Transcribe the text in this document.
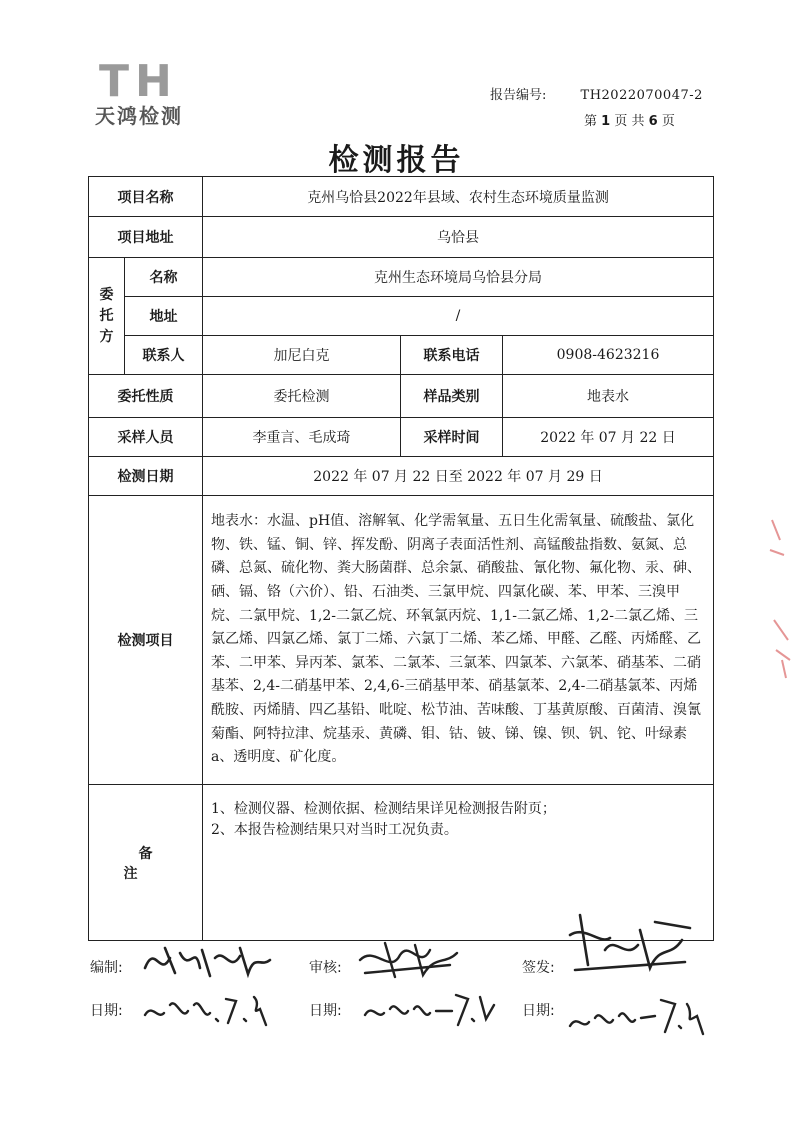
TH
天鸿检测
报告编号:	TH2022070047-2
第 1 页 共 6 页
检测报告
项目名称		克州乌恰县2022年县域、农村生态环境质量监测		
项目地址		乌恰县		
委
托
方	名称	克州生态环境局乌恰县分局		
	地址	/		
	联系人	加尼白克	联系电话	0908-4623216
委托性质		委托检测	样品类别	地表水
采样人员		李重言、毛成琦	采样时间	2022 年 07 月 22 日
检测日期		2022 年 07 月 22 日至 2022 年 07 月 29 日		
检测项目		地表水：水温、pH值、溶解氧、化学需氧量、五日生化需氧量、硫酸盐、氯化物、铁、锰、铜、锌、挥发酚、阴离子表面活性剂、高锰酸盐指数、氨氮、总磷、总氮、硫化物、粪大肠菌群、总余氯、硝酸盐、氰化物、氟化物、汞、砷、硒、镉、铬（六价）、铅、石油类、三氯甲烷、四氯化碳、苯、甲苯、三溴甲烷、二氯甲烷、1,2-二氯乙烷、环氧氯丙烷、1,1-二氯乙烯、1,2-二氯乙烯、三氯乙烯、四氯乙烯、氯丁二烯、六氯丁二烯、苯乙烯、甲醛、乙醛、丙烯醛、乙苯、二甲苯、异丙苯、氯苯、二氯苯、三氯苯、四氯苯、六氯苯、硝基苯、二硝基苯、2,4-二硝基甲苯、2,4,6-三硝基甲苯、硝基氯苯、2,4-二硝基氯苯、丙烯酰胺、丙烯腈、四乙基铅、吡啶、松节油、苦味酸、丁基黄原酸、百菌清、溴氰菊酯、阿特拉津、烷基汞、黄磷、钼、钴、铍、锑、镍、钡、钒、铊、叶绿素a、透明度、矿化度。		
备注		1、检测仪器、检测依据、检测结果详见检测报告附页；
2、本报告检测结果只对当时工况负责。		
编制:	审核:	签发:
日期:	日期:	日期:
